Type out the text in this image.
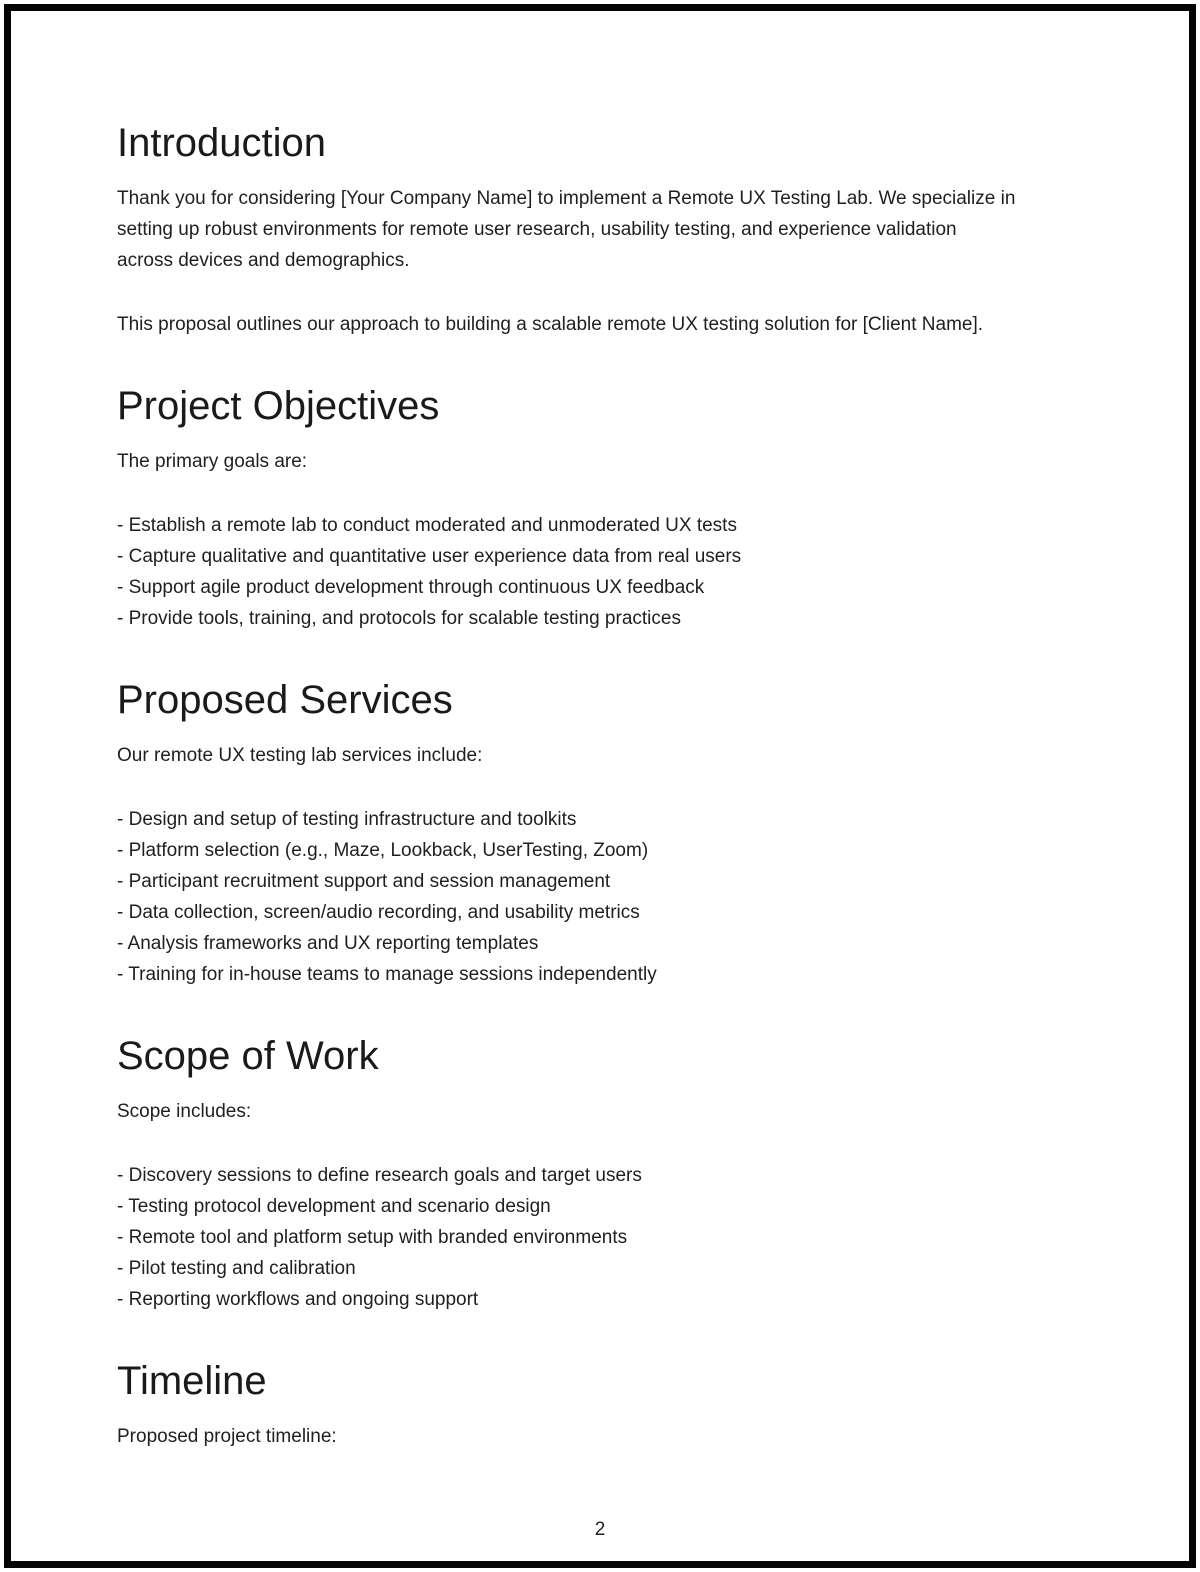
Introduction
Thank you for considering [Your Company Name] to implement a Remote UX Testing Lab. We specialize in setting up robust environments for remote user research, usability testing, and experience validation across devices and demographics.
This proposal outlines our approach to building a scalable remote UX testing solution for [Client Name].
Project Objectives
The primary goals are:
- Establish a remote lab to conduct moderated and unmoderated UX tests
- Capture qualitative and quantitative user experience data from real users
- Support agile product development through continuous UX feedback
- Provide tools, training, and protocols for scalable testing practices
Proposed Services
Our remote UX testing lab services include:
- Design and setup of testing infrastructure and toolkits
- Platform selection (e.g., Maze, Lookback, UserTesting, Zoom)
- Participant recruitment support and session management
- Data collection, screen/audio recording, and usability metrics
- Analysis frameworks and UX reporting templates
- Training for in-house teams to manage sessions independently
Scope of Work
Scope includes:
- Discovery sessions to define research goals and target users
- Testing protocol development and scenario design
- Remote tool and platform setup with branded environments
- Pilot testing and calibration
- Reporting workflows and ongoing support
Timeline
Proposed project timeline:
2
